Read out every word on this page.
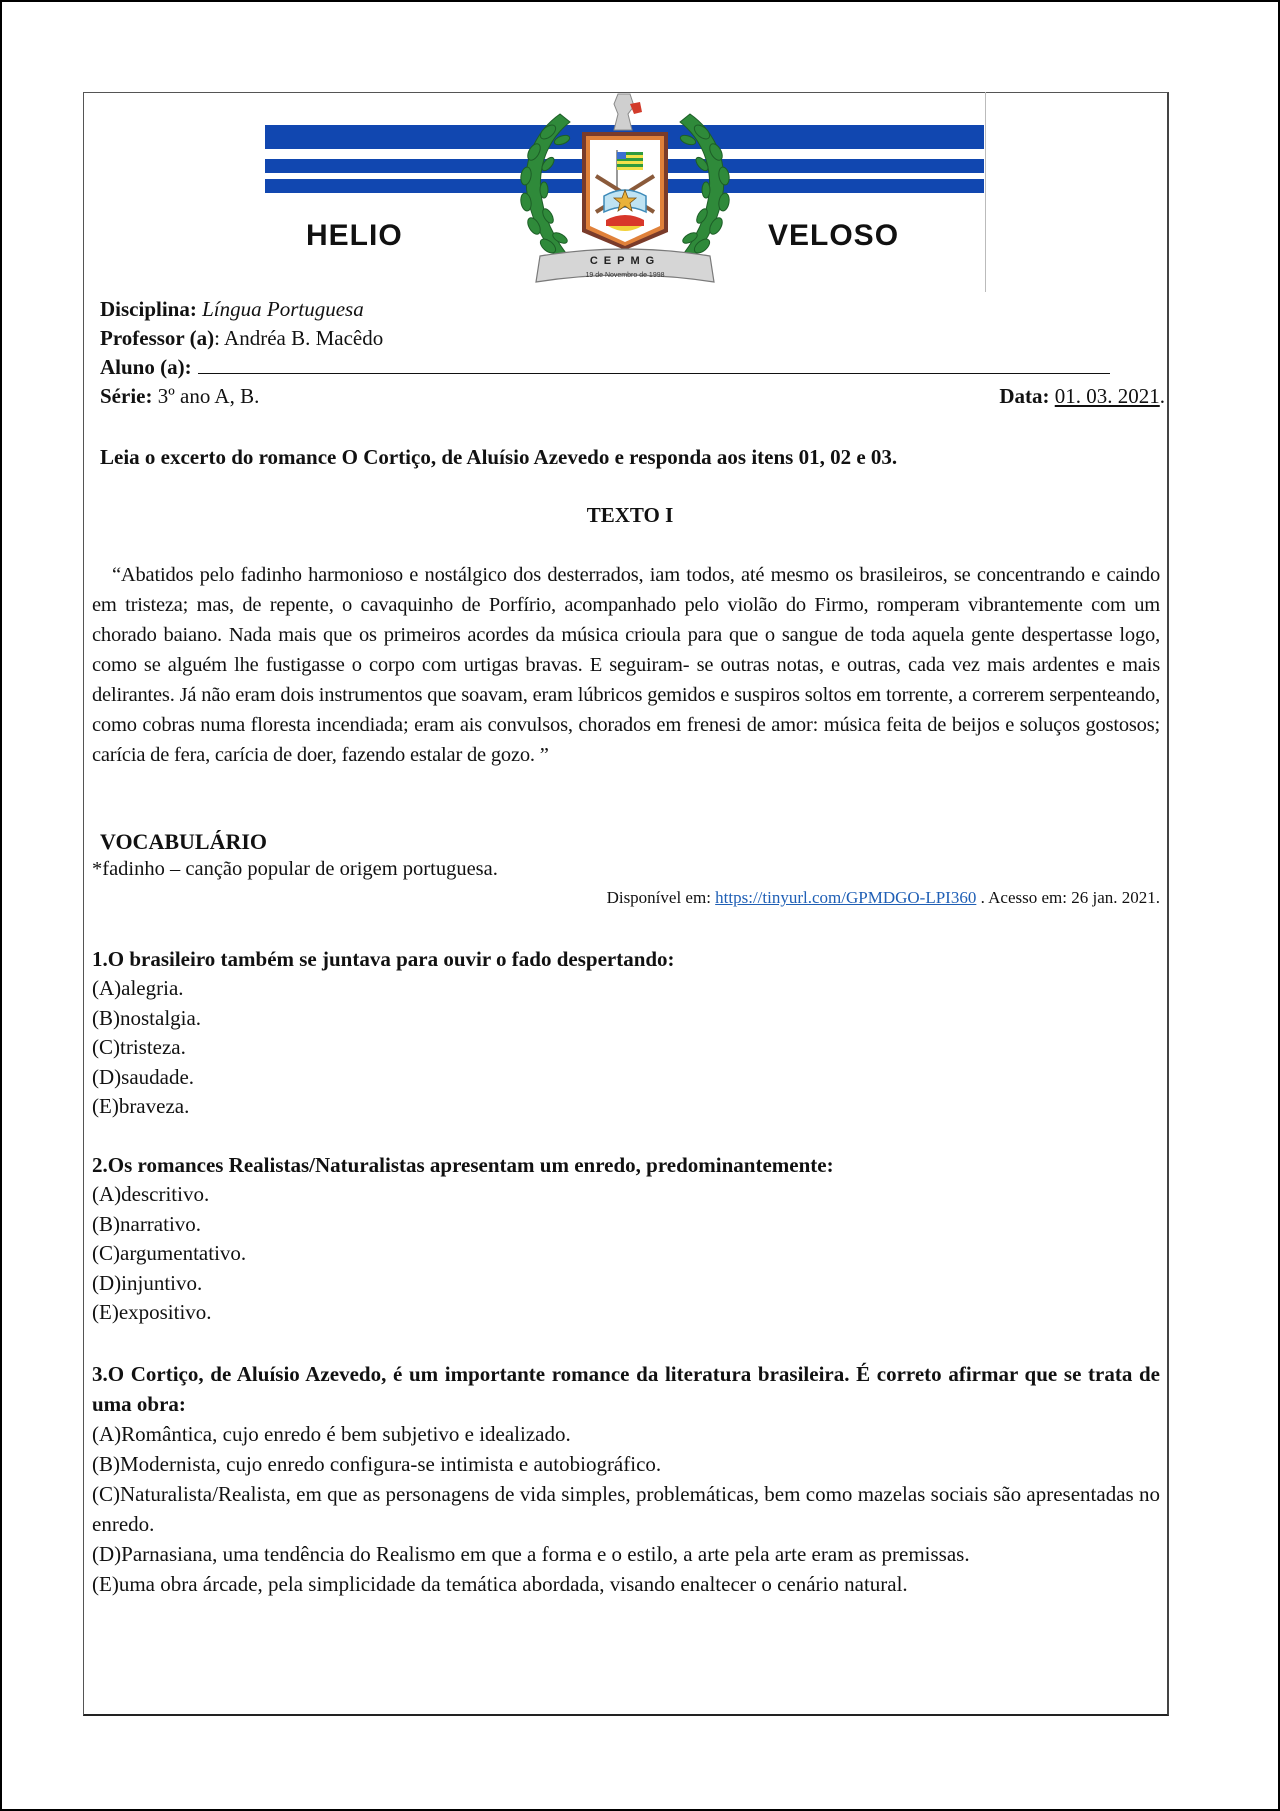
HELIO	VELOSO
CEPMG
19 de Novembro de 1998
Disciplina: Língua Portuguesa
Professor (a): Andréa B. Macêdo
Aluno (a):
Série: 3º ano A, B.	Data: 01. 03. 2021.
Leia o excerto do romance O Cortiço, de Aluísio Azevedo e responda aos itens 01, 02 e 03.
TEXTO I
“Abatidos pelo fadinho harmonioso e nostálgico dos desterrados, iam todos, até mesmo os brasileiros, se concentrando e caindo em tristeza; mas, de repente, o cavaquinho de Porfírio, acompanhado pelo violão do Firmo, romperam vibrantemente com um chorado baiano. Nada mais que os primeiros acordes da música crioula para que o sangue de toda aquela gente despertasse logo, como se alguém lhe fustigasse o corpo com urtigas bravas. E seguiram- se outras notas, e outras, cada vez mais ardentes e mais delirantes. Já não eram dois instrumentos que soavam, eram lúbricos gemidos e suspiros soltos em torrente, a correrem serpenteando, como cobras numa floresta incendiada; eram ais convulsos, chorados em frenesi de amor: música feita de beijos e soluços gostosos; carícia de fera, carícia de doer, fazendo estalar de gozo. ”
VOCABULÁRIO
*fadinho – canção popular de origem portuguesa.
Disponível em: https://tinyurl.com/GPMDGO-LPI360 . Acesso em: 26 jan. 2021.
1.O brasileiro também se juntava para ouvir o fado despertando:
(A)alegria.
(B)nostalgia.
(C)tristeza.
(D)saudade.
(E)braveza.
2.Os romances Realistas/Naturalistas apresentam um enredo, predominantemente:
(A)descritivo.
(B)narrativo.
(C)argumentativo.
(D)injuntivo.
(E)expositivo.
3.O Cortiço, de Aluísio Azevedo, é um importante romance da literatura brasileira. É correto afirmar que se trata de uma obra:
(A)Romântica, cujo enredo é bem subjetivo e idealizado.
(B)Modernista, cujo enredo configura-se intimista e autobiográfico.
(C)Naturalista/Realista, em que as personagens de vida simples, problemáticas, bem como mazelas sociais são apresentadas no enredo.
(D)Parnasiana, uma tendência do Realismo em que a forma e o estilo, a arte pela arte eram as premissas.
(E)uma obra árcade, pela simplicidade da temática abordada, visando enaltecer o cenário natural.
